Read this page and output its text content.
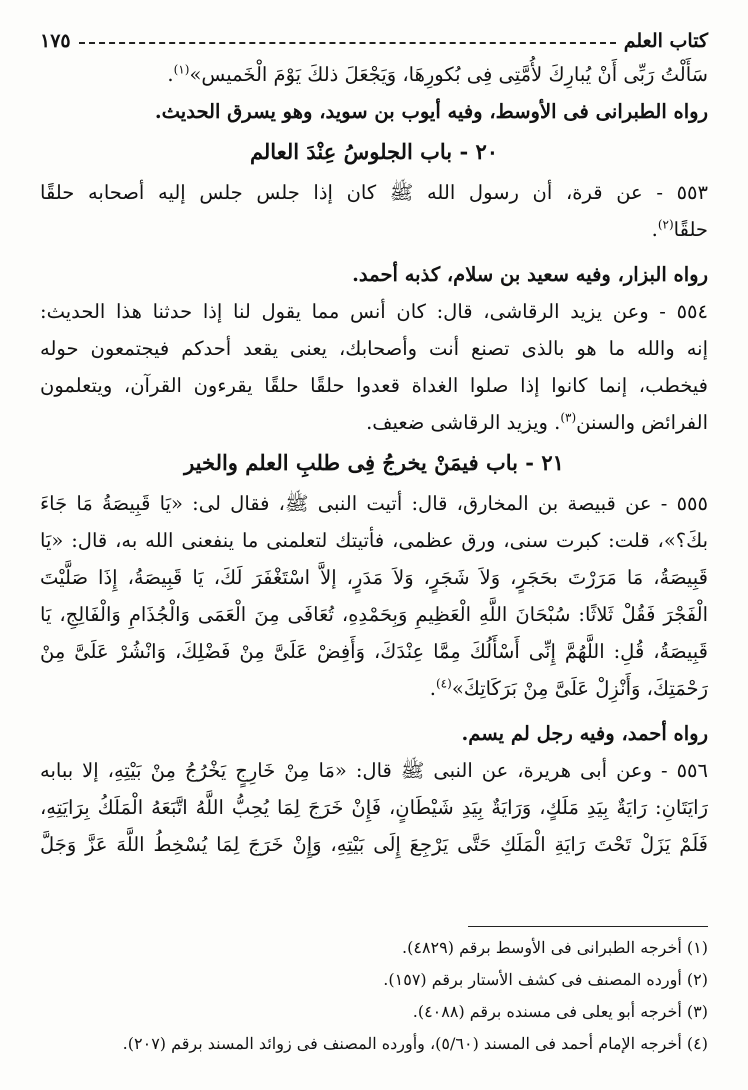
كتاب العلم
١٧٥
سَأَلْتُ رَبِّى أَنْ يُبارِكَ لأُمَّتِى فِى بُكورِهَا، وَيَجْعَلَ ذلكَ يَوْمَ الْخَميس»$^{(١)}$.
رواه الطبرانى فى الأوسط، وفيه أيوب بن سويد، وهو يسرق الحديث.
٢٠ - باب الجلوسُ عِنْدَ العالم
٥٥٣ - عن قرة، أن رسول الله ﷺ كان إذا جلس جلس إليه أصحابه حلقًا
حلقًا$^{(٢)}$.
رواه البزار، وفيه سعيد بن سلام، كذبه أحمد.
٥٥٤ - وعن يزيد الرقاشى، قال: كان أنس مما يقول لنا إذا حدثنا هذا الحديث:
إنه والله ما هو بالذى تصنع أنت وأصحابك، يعنى يقعد أحدكم فيجتمعون حوله
فيخطب، إنما كانوا إذا صلوا الغداة قعدوا حلقًا حلقًا يقرءون القرآن، ويتعلمون
الفرائض والسنن$^{(٣)}$. ويزيد الرقاشى ضعيف.
٢١ - باب فيمَنْ يخرجُ فِى طلبِ العلم والخير
٥٥٥ - عن قبيصة بن المخارق، قال: أتيت النبى ﷺ، فقال لى: «يَا قَبِيصَةُ مَا جَاءَ
بكَ؟»، قلت: كبرت سنى، ورق عظمى، فأتيتك لتعلمنى ما ينفعنى الله به، قال: «يَا
قَبِيصَةُ، مَا مَرَرْتَ بحَجَرٍ، وَلاَ شَجَرٍ، وَلاَ مَدَرٍ، إلاَّ اسْتَغْفَرَ لَكَ، يَا قَبِيصَةُ، إِذَا صَلَّيْتَ
الْفَجْرَ فَقُلْ ثَلاثًا: سُبْحَانَ اللَّهِ الْعَظِيمِ وَبِحَمْدِهِ، تُعَافَى مِنَ الْعَمَى وَالْجُذَامِ وَالْفَالِجِ، يَا
قَبِيصَةُ، قُلِ: اللَّهُمَّ إِنِّى أَسْأَلُكَ مِمَّا عِنْدَكَ، وَأَفِضْ عَلَىَّ مِنْ فَضْلِكَ، وَانْشُرْ عَلَىَّ مِنْ
رَحْمَتِكَ، وَأَنْزِلْ عَلَىَّ مِنْ بَرَكَاتِكَ»$^{(٤)}$.
رواه أحمد، وفيه رجل لم يسم.
٥٥٦ - وعن أبى هريرة، عن النبى ﷺ قال: «مَا مِنْ خَارِجٍ يَخْرُجُ مِنْ بَيْتِهِ، إلا ببابه
رَايَتَانِ: رَايَةٌ بِيَدِ مَلَكٍ، وَرَايَةٌ بِيَدِ شَيْطَانٍ، فَإِنْ خَرَجَ لِمَا يُحِبُّ اللَّهُ اتَّبَعَهُ الْمَلَكُ بِرَايَتِهِ،
فَلَمْ يَزَلْ تَحْتَ رَايَةِ الْمَلَكِ حَتَّى يَرْجِعَ إِلَى بَيْتِهِ، وَإِنْ خَرَجَ لِمَا يُسْخِطُ اللَّهَ عَزَّ وَجَلَّ
(١) أخرجه الطبرانى فى الأوسط برقم (٤٨٢٩).
(٢) أورده المصنف فى كشف الأستار برقم (١٥٧).
(٣) أخرجه أبو يعلى فى مسنده برقم (٤٠٨٨).
(٤) أخرجه الإمام أحمد فى المسند (٥/٦٠)، وأورده المصنف فى زوائد المسند برقم (٢٠٧).
